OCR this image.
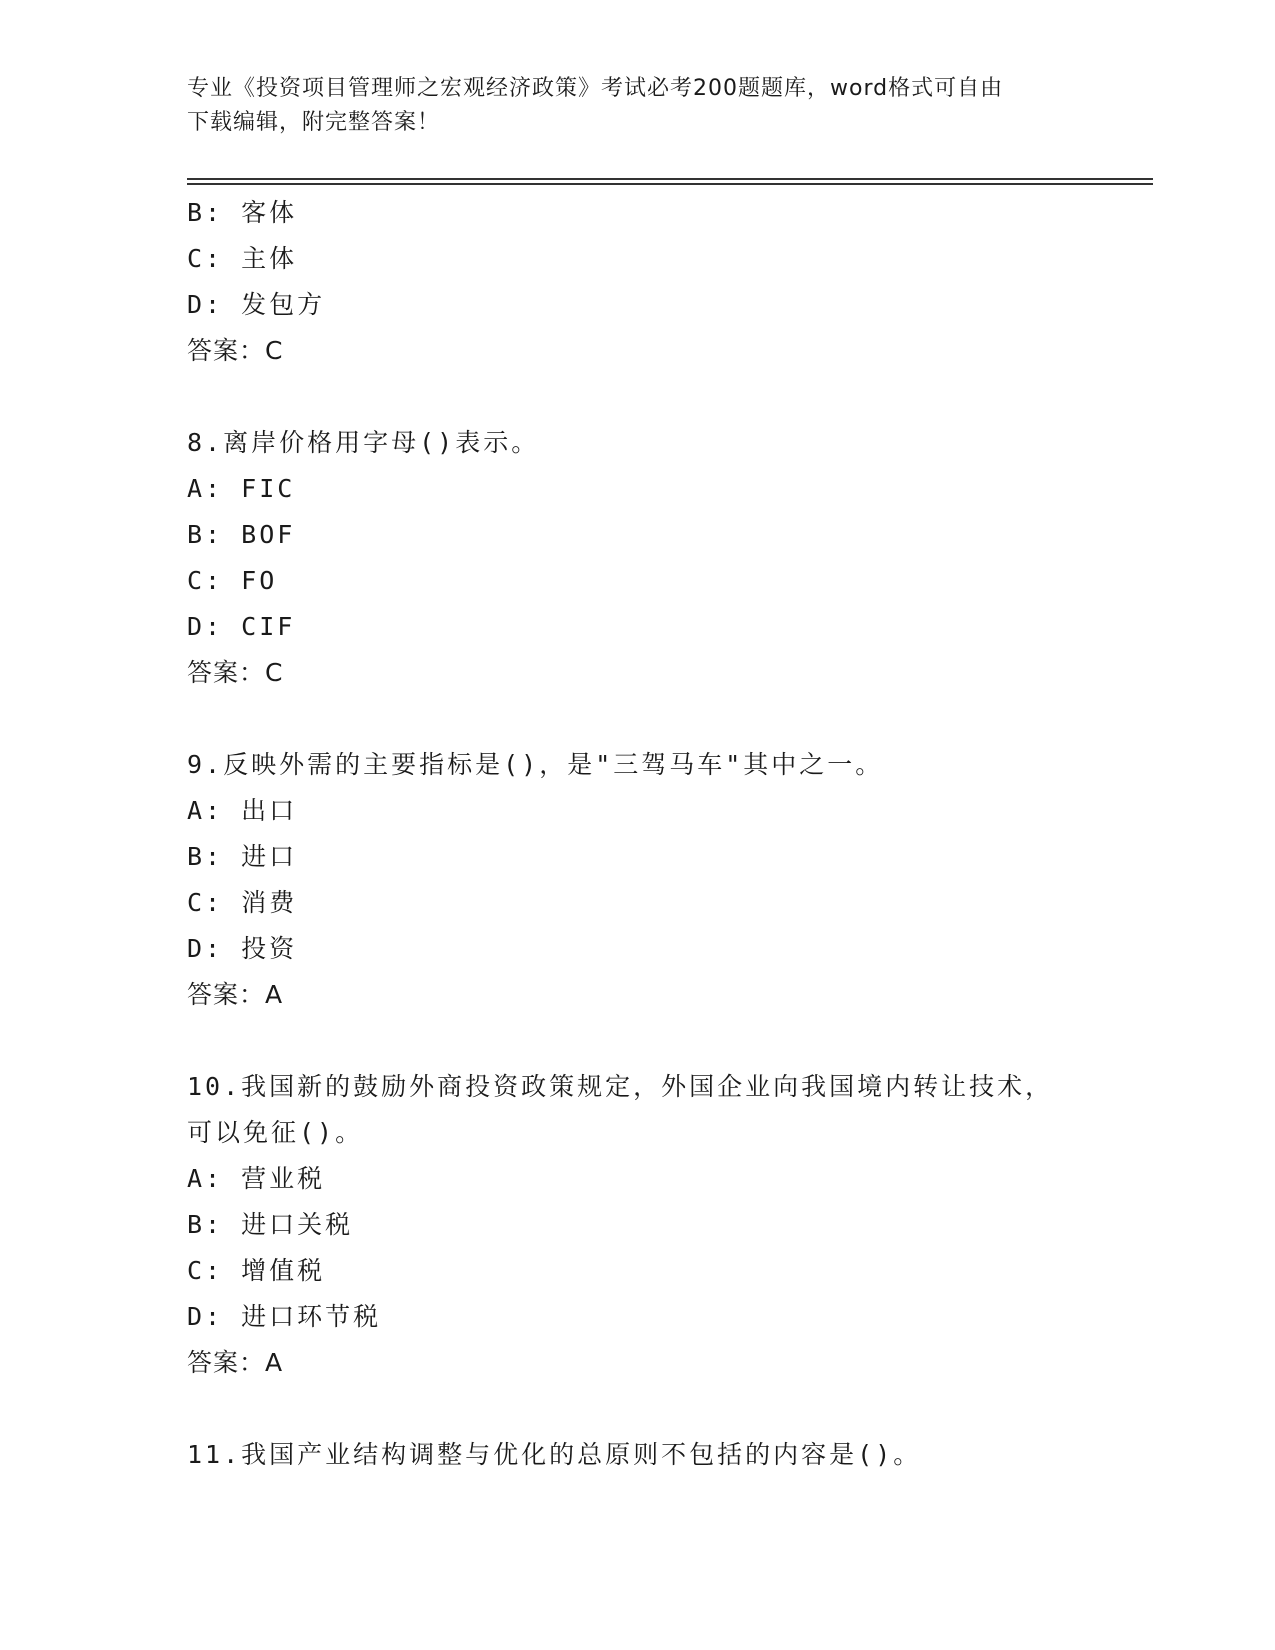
专业《投资项目管理师之宏观经济政策》考试必考200题题库，word格式可自由
下载编辑，附完整答案！
B: 客体
C: 主体
D: 发包方
答案：C
8.离岸价格用字母()表示。
A: FIC
B: BOF
C: FO
D: CIF
答案：C
9.反映外需的主要指标是()，是"三驾马车"其中之一。
A: 出口
B: 进口
C: 消费
D: 投资
答案：A
10.我国新的鼓励外商投资政策规定，外国企业向我国境内转让技术，
可以免征()。
A: 营业税
B: 进口关税
C: 增值税
D: 进口环节税
答案：A
11.我国产业结构调整与优化的总原则不包括的内容是()。
